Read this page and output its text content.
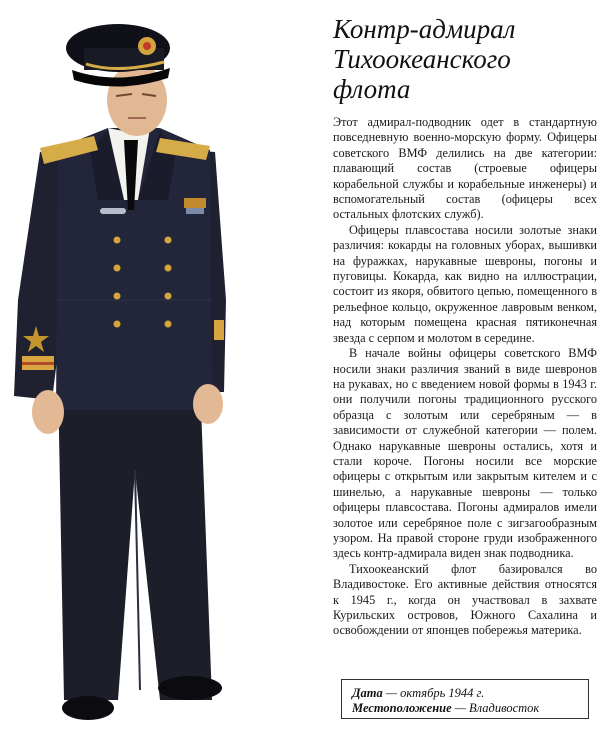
Контр-адмирал
Тихоокеанского
флота

Этот адмирал-подводник одет в стандартную повседневную военно-морскую форму. Офицеры советского ВМФ делились на две категории: плавающий состав (строевые офицеры корабельной службы и корабельные инженеры) и вспомогательный состав (офицеры всех остальных флотских служб).

Офицеры плавсостава носили золотые знаки различия: кокарды на головных уборах, вышивки на фуражках, нарукавные шевроны, погоны и пуговицы. Кокарда, как видно на иллюстрации, состоит из якоря, обвитого цепью, помещенного в рельефное кольцо, окруженное лавровым венком, над которым помещена красная пятиконечная звезда с серпом и молотом в середине.

В начале войны офицеры советского ВМФ носили знаки различия званий в виде шевронов на рукавах, но с введением новой формы в 1943 г. они получили погоны традиционного русского образца с золотым или серебряным — в зависимости от служебной категории — полем. Однако нарукавные шевроны остались, хотя и стали короче. Погоны носили все морские офицеры с открытым или закрытым кителем и с шинелью, а нарукавные шевроны — только офицеры плавсостава. Погоны адмиралов имели золотое или серебряное поле с зигзагообразным узором. На правой стороне груди изображенного здесь контр-адмирала виден знак подводника.

Тихоокеанский флот базировался во Владивостоке. Его активные действия относятся к 1945 г., когда он участвовал в захвате Курильских островов, Южного Сахалина и освобождении от японцев побережья материка.

Дата — октябрь 1944 г.
Местоположение — Владивосток
